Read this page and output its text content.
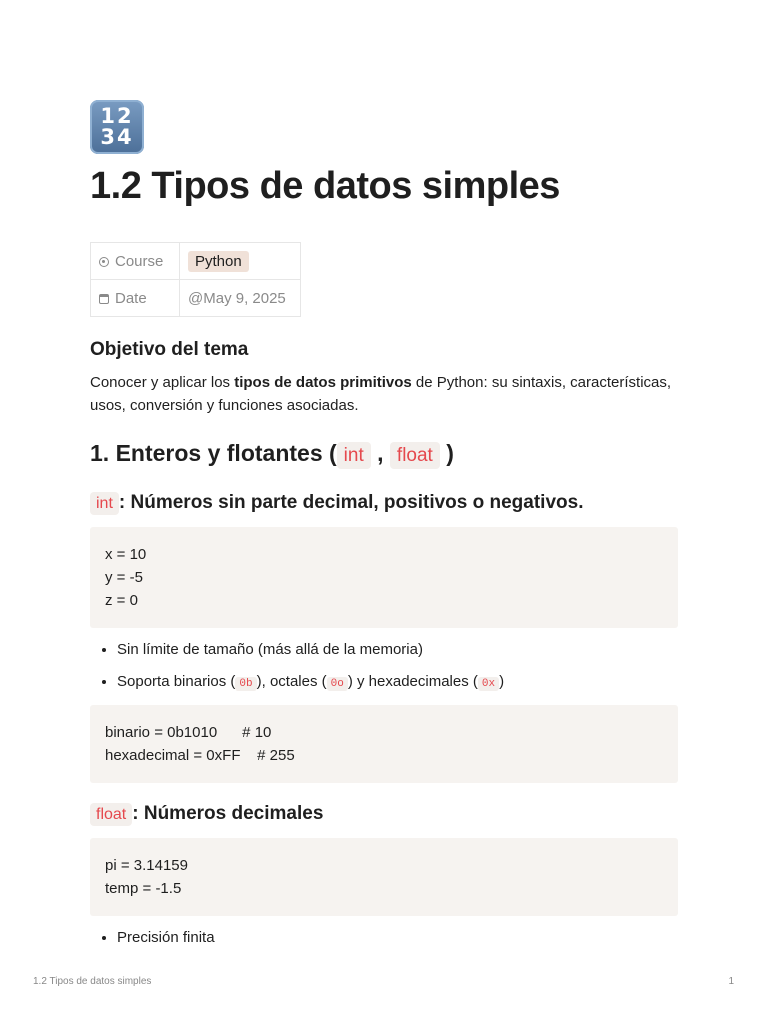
12
34
1.2 Tipos de datos simples
Course	Python
Date	@May 9, 2025
Objetivo del tema

Conocer y aplicar los tipos de datos primitivos de Python: su sintaxis, características, usos, conversión y funciones asociadas.

1. Enteros y flotantes ( int , float )
int : Números sin parte decimal, positivos o negativos.
x = 10
y = -5
z = 0
• Sin límite de tamaño (más allá de la memoria)
• Soporta binarios ( 0b ), octales ( 0o ) y hexadecimales ( 0x )
binario = 0b1010      # 10
hexadecimal = 0xFF    # 255
float : Números decimales
pi = 3.14159
temp = -1.5
• Precisión finita
1.2 Tipos de datos simples	1
